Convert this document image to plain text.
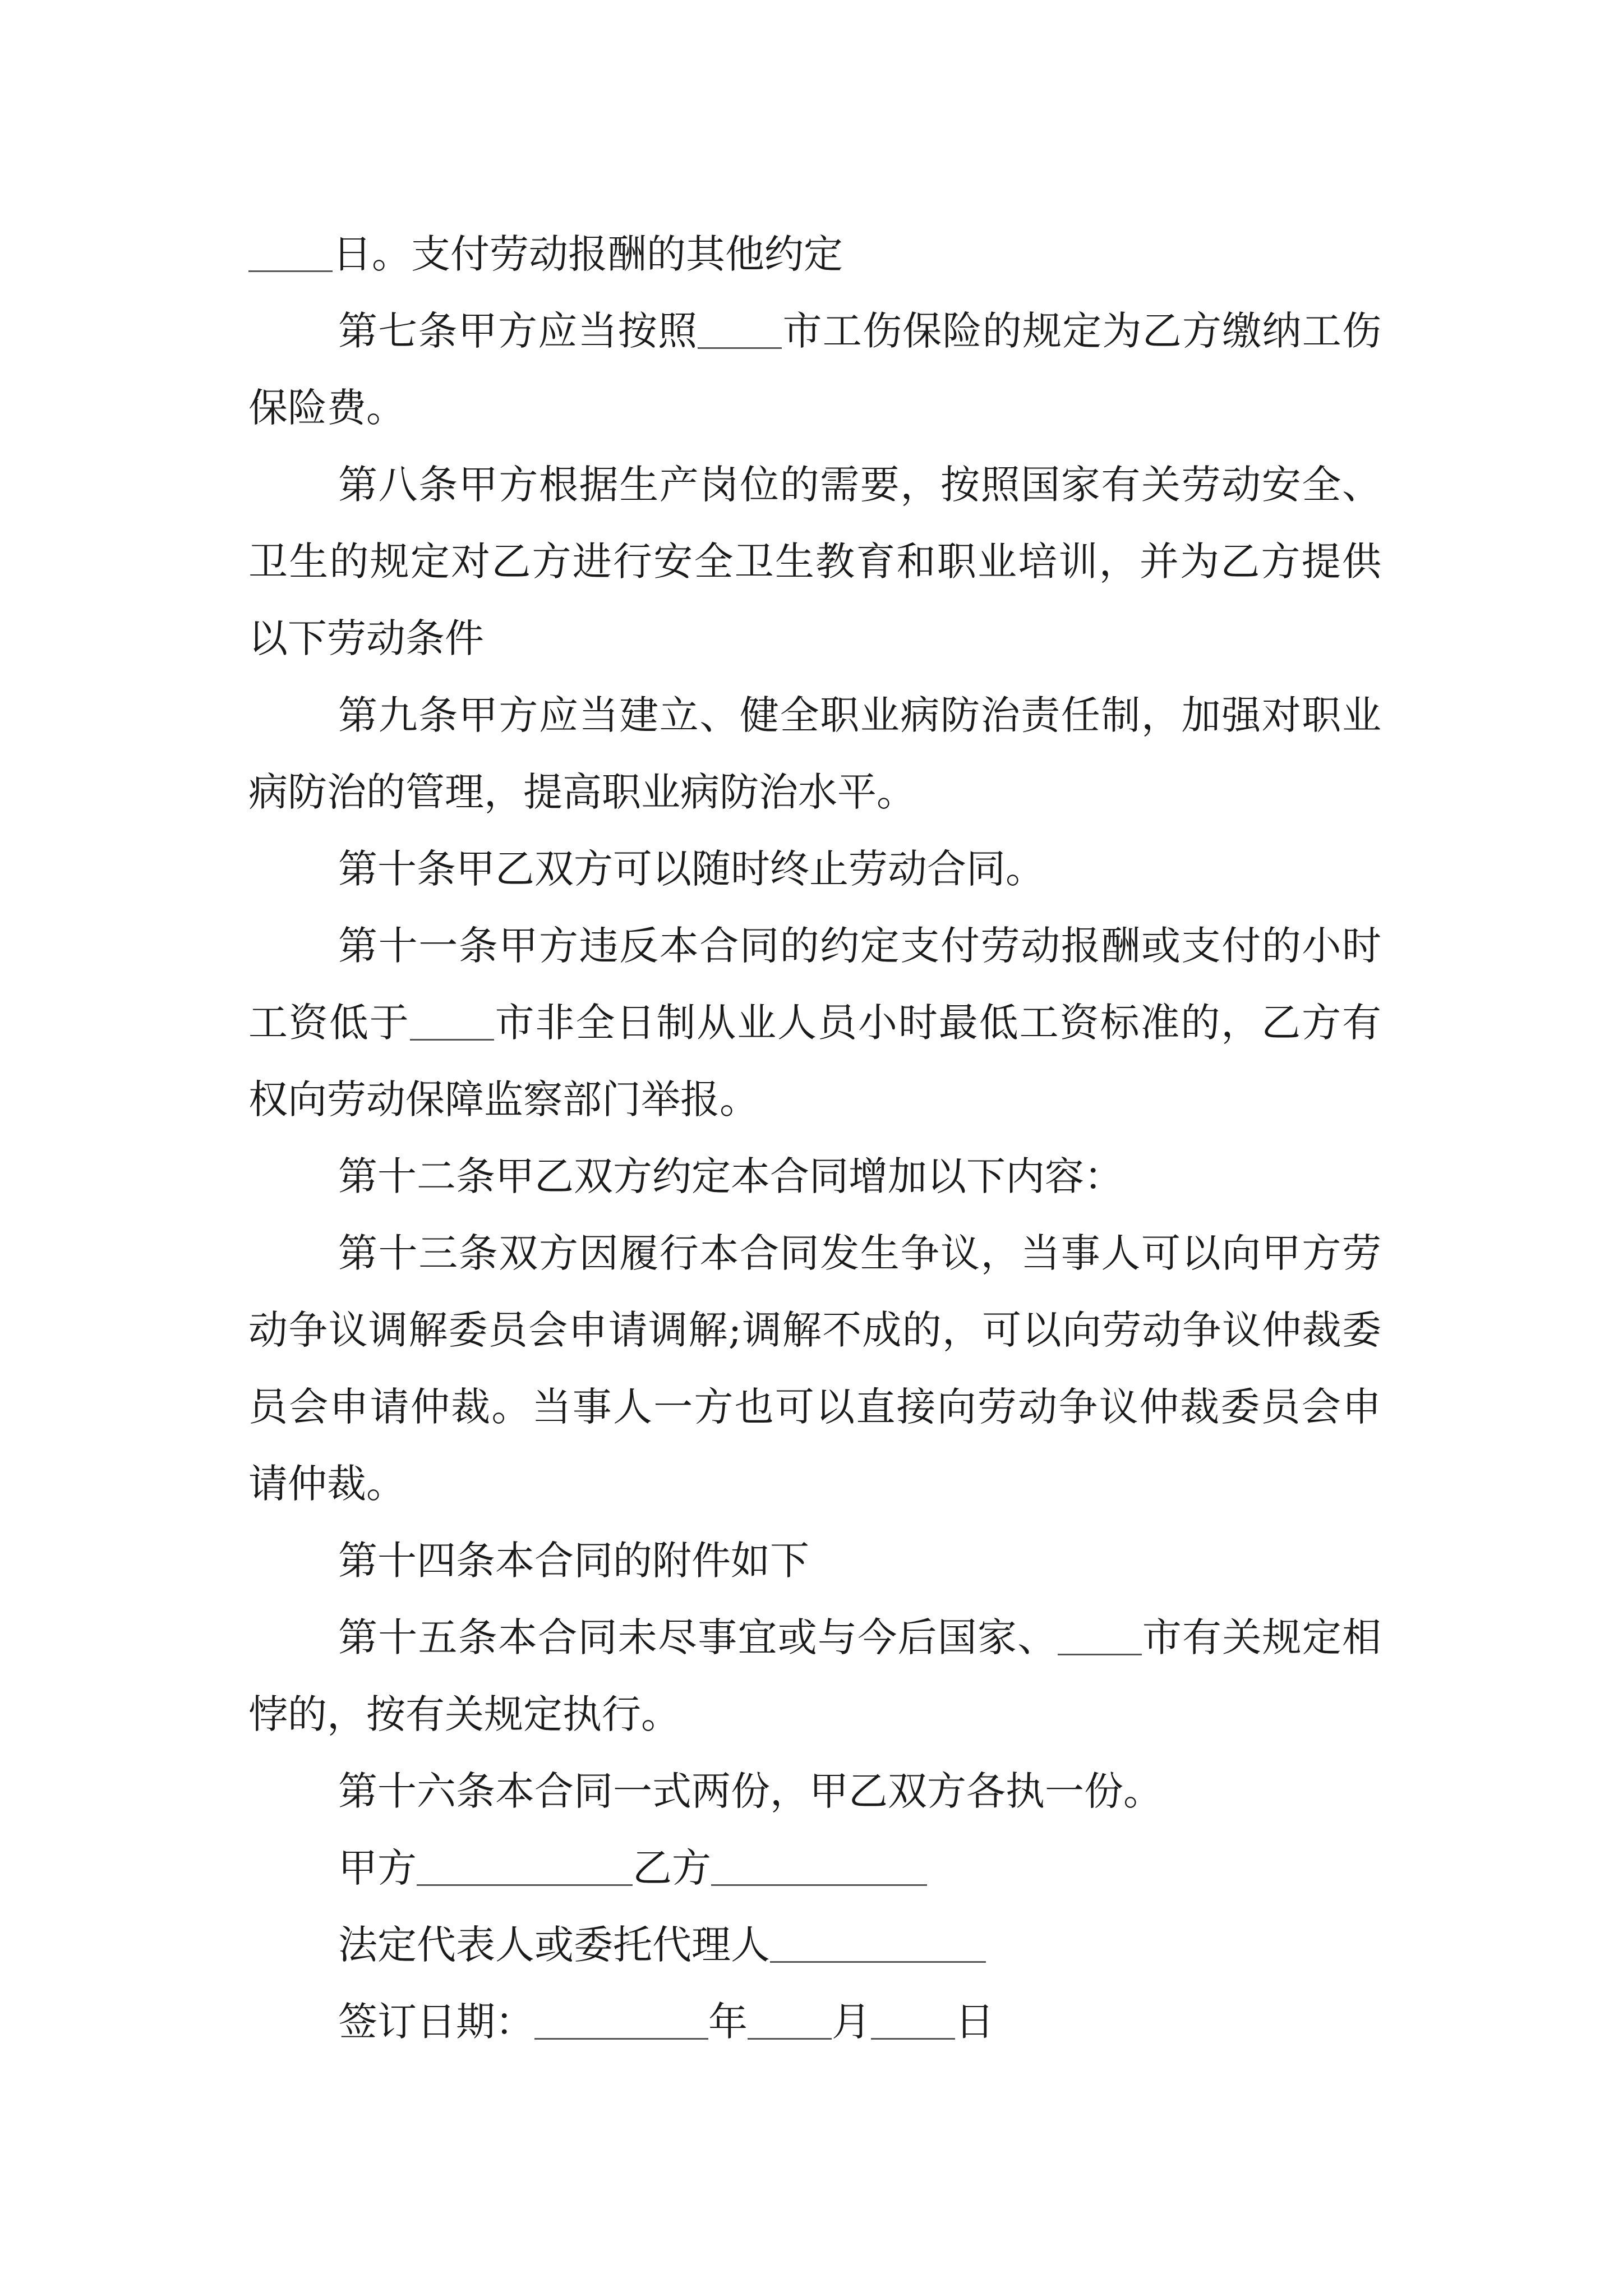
日。支付劳动报酬的其他约定

第七条甲方应当按照 市工伤保险的规定为乙方缴纳工伤保险费。

第八条甲方根据生产岗位的需要，按照国家有关劳动安全、卫生的规定对乙方进行安全卫生教育和职业培训，并为乙方提供以下劳动条件

第九条甲方应当建立、健全职业病防治责任制，加强对职业病防治的管理，提高职业病防治水平。

第十条甲乙双方可以随时终止劳动合同。

第十一条甲方违反本合同的约定支付劳动报酬或支付的小时工资低于 市非全日制从业人员小时最低工资标准的，乙方有权向劳动保障监察部门举报。

第十二条甲乙双方约定本合同增加以下内容：

第十三条双方因履行本合同发生争议，当事人可以向甲方劳动争议调解委员会申请调解;调解不成的，可以向劳动争议仲裁委员会申请仲裁。当事人一方也可以直接向劳动争议仲裁委员会申请仲裁。

第十四条本合同的附件如下

第十五条本合同未尽事宜或与今后国家、 市有关规定相悖的，按有关规定执行。

第十六条本合同一式两份，甲乙双方各执一份。

甲方	乙方

法定代表人或委托代理人

签订日期：	年 月 日
